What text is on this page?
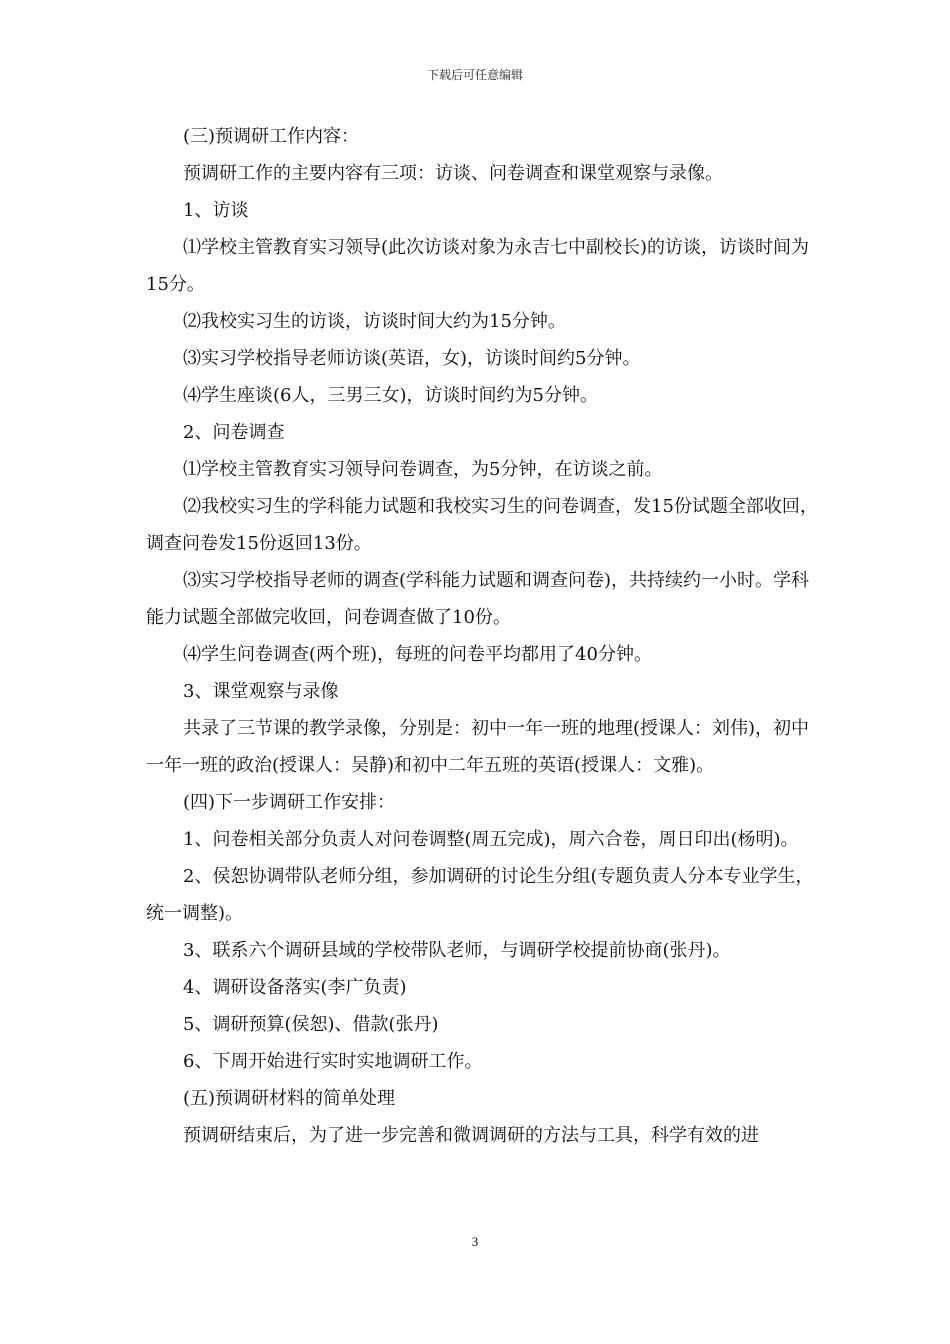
下载后可任意编辑

(三)预调研工作内容：

预调研工作的主要内容有三项：访谈、问卷调查和课堂观察与录像。

1、访谈

⑴学校主管教育实习领导(此次访谈对象为永吉七中副校长)的访谈，访谈时间为15分。

⑵我校实习生的访谈，访谈时间大约为15分钟。

⑶实习学校指导老师访谈(英语，女)，访谈时间约5分钟。

⑷学生座谈(6人，三男三女)，访谈时间约为5分钟。

2、问卷调查

⑴学校主管教育实习领导问卷调查，为5分钟，在访谈之前。

⑵我校实习生的学科能力试题和我校实习生的问卷调查，发15份试题全部收回，调查问卷发15份返回13份。

⑶实习学校指导老师的调查(学科能力试题和调查问卷)，共持续约一小时。学科能力试题全部做完收回，问卷调查做了10份。

⑷学生问卷调查(两个班)，每班的问卷平均都用了40分钟。

3、课堂观察与录像

共录了三节课的教学录像，分别是：初中一年一班的地理(授课人：刘伟)，初中一年一班的政治(授课人：吴静)和初中二年五班的英语(授课人：文雅)。

(四)下一步调研工作安排：

1、问卷相关部分负责人对问卷调整(周五完成)，周六合卷，周日印出(杨明)。

2、侯恕协调带队老师分组，参加调研的讨论生分组(专题负责人分本专业学生，统一调整)。

3、联系六个调研县域的学校带队老师，与调研学校提前协商(张丹)。

4、调研设备落实(李广负责)

5、调研预算(侯恕)、借款(张丹)

6、下周开始进行实时实地调研工作。

(五)预调研材料的简单处理

预调研结束后，为了进一步完善和微调调研的方法与工具，科学有效的进

3
